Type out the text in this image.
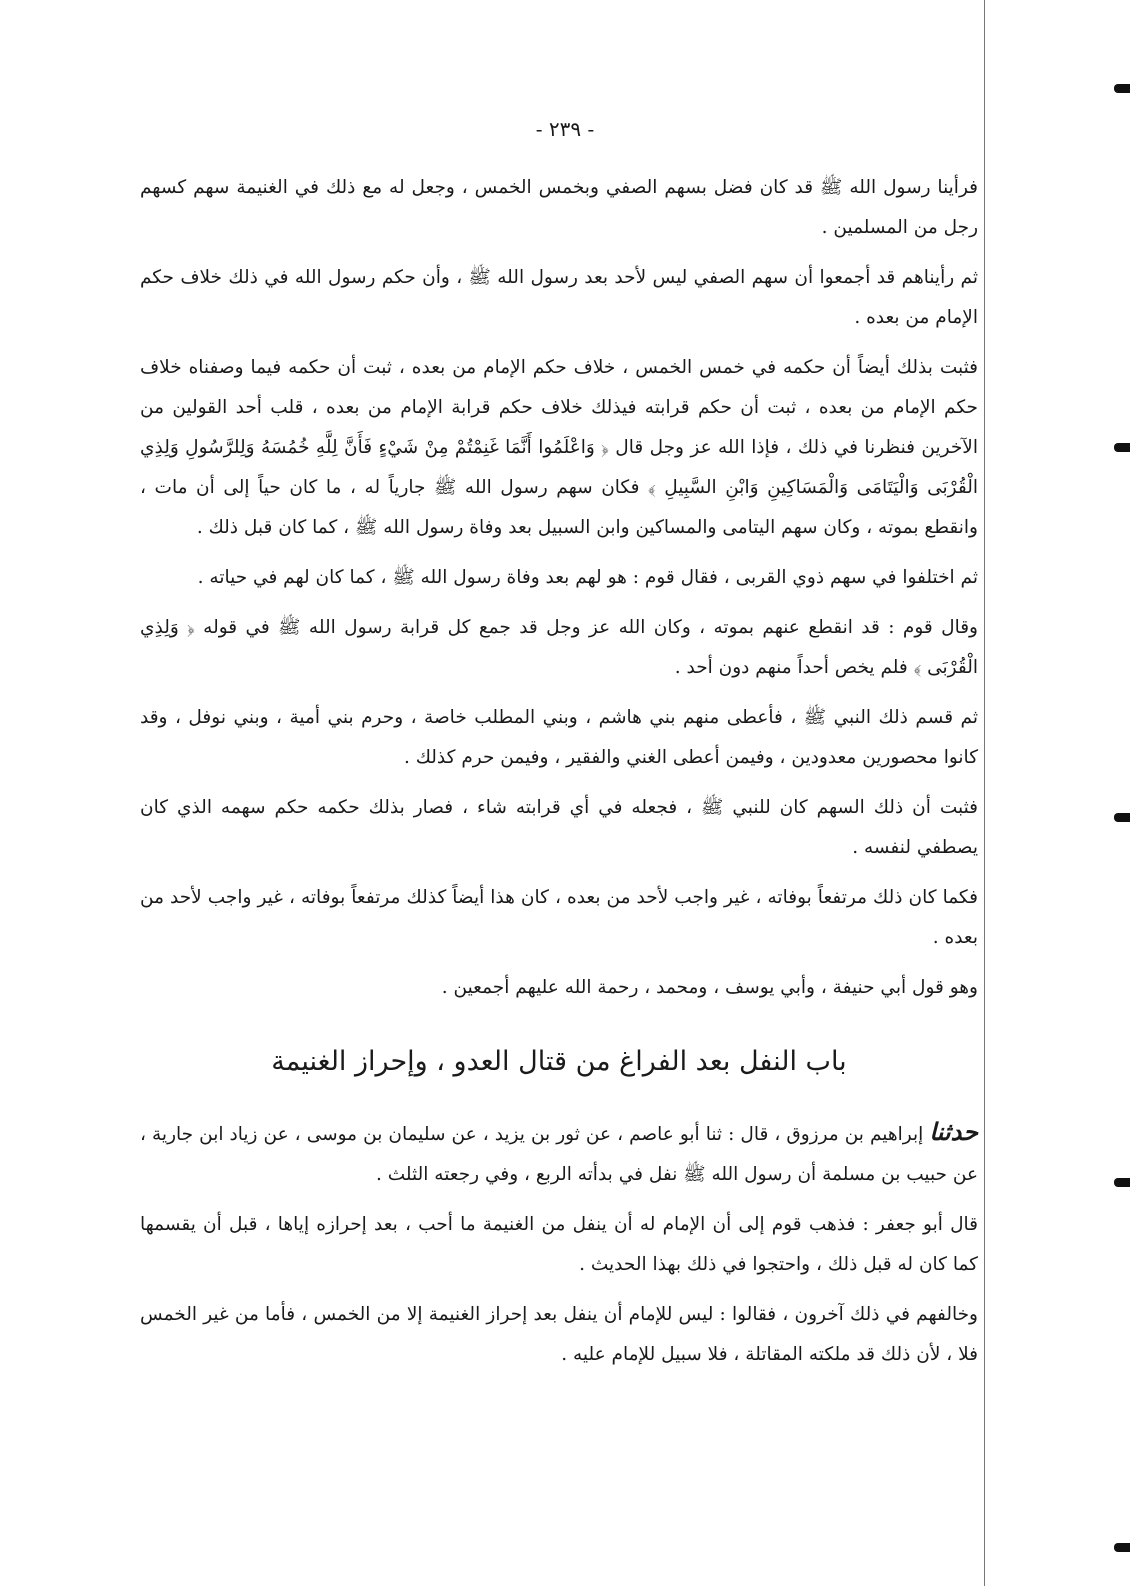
- ٢٣٩ -

فرأينا رسول الله ﷺ قد كان فضل بسهم الصفي وبخمس الخمس ، وجعل له مع ذلك في الغنيمة سهم كسهم رجل من المسلمين .

ثم رأيناهم قد أجمعوا أن سهم الصفي ليس لأحد بعد رسول الله ﷺ ، وأن حكم رسول الله في ذلك خلاف حكم الإمام من بعده .

فثبت بذلك أيضاً أن حكمه في خمس الخمس ، خلاف حكم الإمام من بعده ، ثبت أن حكمه فيما وصفناه خلاف حكم الإمام من بعده ، ثبت أن حكم قرابته فيذلك خلاف حكم قرابة الإمام من بعده ، قلب أحد القولين من الآخرين فنظرنا في ذلك ، فإذا الله عز وجل قال ﴿ وَاعْلَمُوا أَنَّمَا غَنِمْتُمْ مِنْ شَيْءٍ فَأَنَّ لِلَّهِ خُمُسَهُ وَلِلرَّسُولِ وَلِذِي الْقُرْبَى وَالْيَتَامَى وَالْمَسَاكِينِ وَابْنِ السَّبِيلِ ﴾ فكان سهم رسول الله ﷺ جارياً له ، ما كان حياً إلى أن مات ، وانقطع بموته ، وكان سهم اليتامى والمساكين وابن السبيل بعد وفاة رسول الله ﷺ ، كما كان قبل ذلك .

ثم اختلفوا في سهم ذوي القربى ، فقال قوم : هو لهم بعد وفاة رسول الله ﷺ ، كما كان لهم في حياته .

وقال قوم : قد انقطع عنهم بموته ، وكان الله عز وجل قد جمع كل قرابة رسول الله ﷺ في قوله ﴿ وَلِذِي الْقُرْبَى ﴾ فلم يخص أحداً منهم دون أحد .

ثم قسم ذلك النبي ﷺ ، فأعطى منهم بني هاشم ، وبني المطلب خاصة ، وحرم بني أمية ، وبني نوفل ، وقد كانوا محصورين معدودين ، وفيمن أعطى الغني والفقير ، وفيمن حرم كذلك .

فثبت أن ذلك السهم كان للنبي ﷺ ، فجعله في أي قرابته شاء ، فصار بذلك حكمه حكم سهمه الذي كان يصطفي لنفسه .

فكما كان ذلك مرتفعاً بوفاته ، غير واجب لأحد من بعده ، كان هذا أيضاً كذلك مرتفعاً بوفاته ، غير واجب لأحد من بعده .

وهو قول أبي حنيفة ، وأبي يوسف ، ومحمد ، رحمة الله عليهم أجمعين .

باب النفل بعد الفراغ من قتال العدو ، وإحراز الغنيمة

حدثنا إبراهيم بن مرزوق ، قال : ثنا أبو عاصم ، عن ثور بن يزيد ، عن سليمان بن موسى ، عن زياد ابن جارية ، عن حبيب بن مسلمة أن رسول الله ﷺ نفل في بدأته الربع ، وفي رجعته الثلث .

قال أبو جعفر : فذهب قوم إلى أن الإمام له أن ينفل من الغنيمة ما أحب ، بعد إحرازه إياها ، قبل أن يقسمها كما كان له قبل ذلك ، واحتجوا في ذلك بهذا الحديث .

وخالفهم في ذلك آخرون ، فقالوا : ليس للإمام أن ينفل بعد إحراز الغنيمة إلا من الخمس ، فأما من غير الخمس فلا ، لأن ذلك قد ملكته المقاتلة ، فلا سبيل للإمام عليه .
